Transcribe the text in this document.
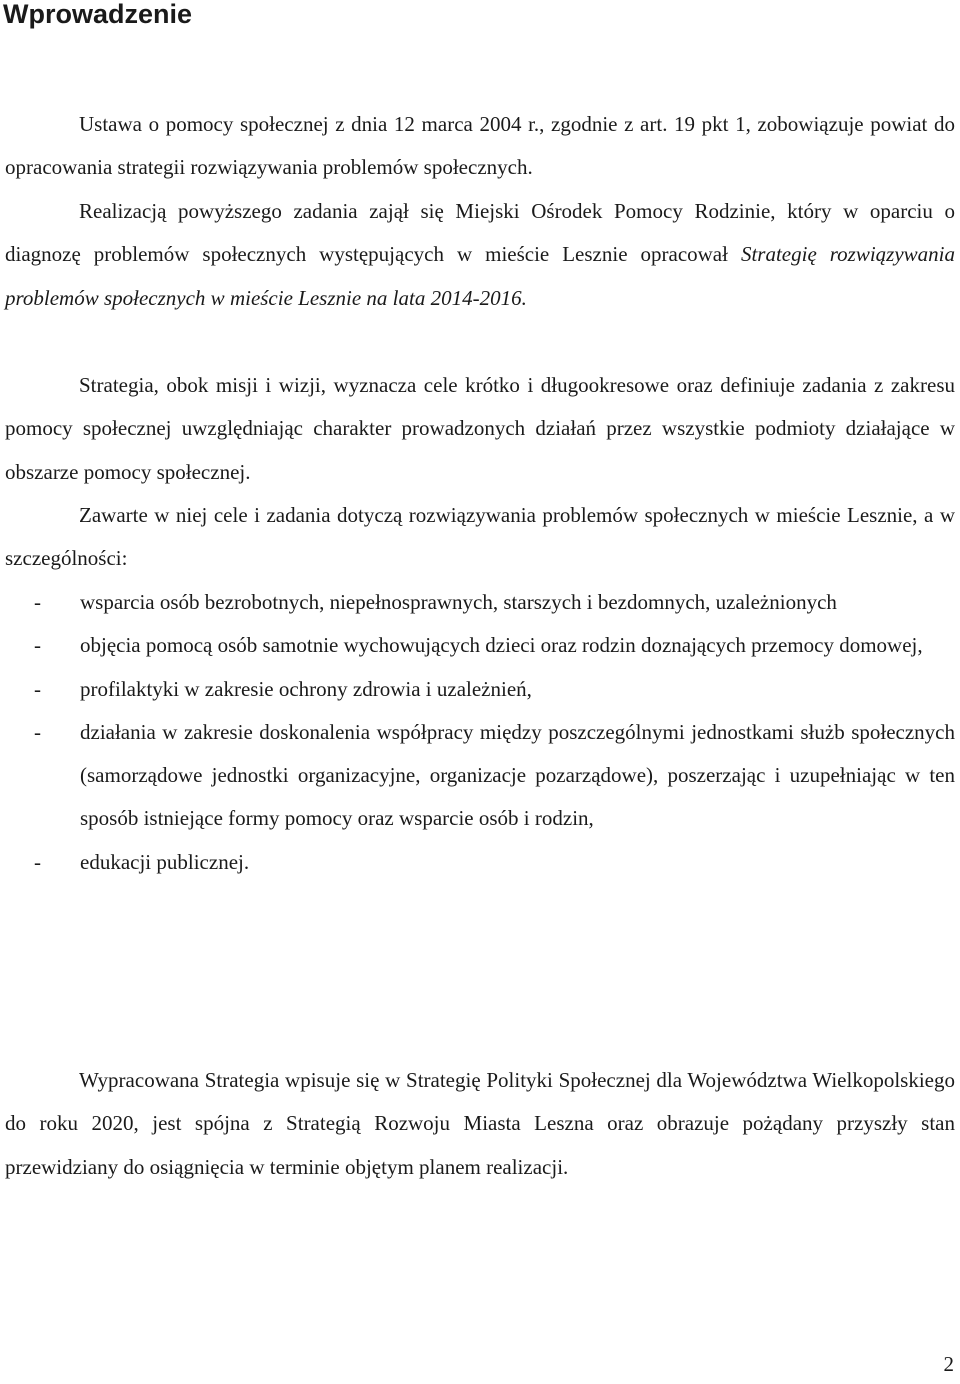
Wprowadzenie

Ustawa o pomocy społecznej z dnia 12 marca 2004 r., zgodnie z art. 19 pkt 1, zobowiązuje powiat do opracowania strategii rozwiązywania problemów społecznych.

Realizacją powyższego zadania zajął się Miejski Ośrodek Pomocy Rodzinie, który w oparciu o diagnozę problemów społecznych występujących w mieście Lesznie opracował Strategię rozwiązywania problemów społecznych w mieście Lesznie na lata 2014-2016.

Strategia, obok misji i wizji, wyznacza cele krótko i długookresowe oraz definiuje zadania z zakresu pomocy społecznej uwzględniając charakter prowadzonych działań przez wszystkie podmioty działające w obszarze pomocy społecznej.

Zawarte w niej cele i zadania dotyczą rozwiązywania problemów społecznych w mieście Lesznie, a w szczególności:

- wsparcia osób bezrobotnych, niepełnosprawnych, starszych i bezdomnych, uzależnionych
- objęcia pomocą osób samotnie wychowujących dzieci oraz rodzin doznających przemocy domowej,
- profilaktyki w zakresie ochrony zdrowia i uzależnień,
- działania w zakresie doskonalenia współpracy między poszczególnymi jednostkami służb społecznych (samorządowe jednostki organizacyjne, organizacje pozarządowe), poszerzając i uzupełniając w ten sposób istniejące formy pomocy oraz wsparcie osób i rodzin,
- edukacji publicznej.

Wypracowana Strategia wpisuje się w Strategię Polityki Społecznej dla Województwa Wielkopolskiego do roku 2020, jest spójna z Strategią Rozwoju Miasta Leszna oraz obrazuje pożądany przyszły stan przewidziany do osiągnięcia w terminie objętym planem realizacji.

2
